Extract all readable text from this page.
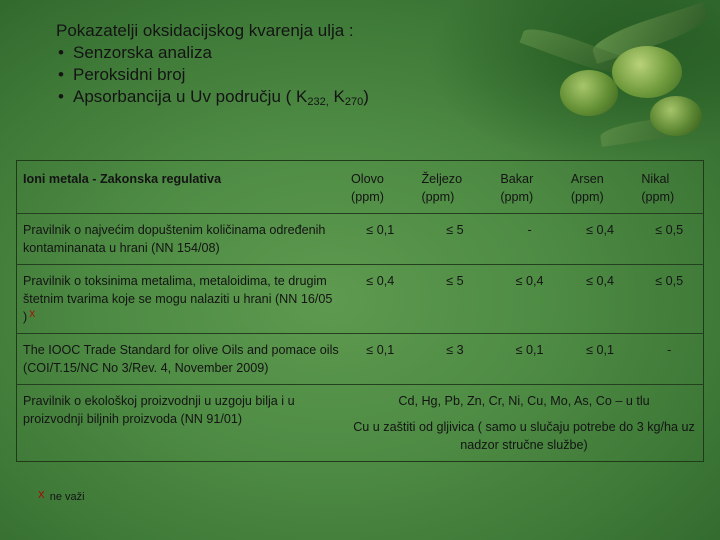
Pokazatelji oksidacijskog kvarenja ulja :
• Senzorska analiza
• Peroksidni broj
• Apsorbancija u Uv području ( $K_{232,}$ $K_{270}$)
Ioni metala - Zakonska regulativa	Olovo (ppm)	Željezo (ppm)	Bakar (ppm)	Arsen (ppm)	Nikal (ppm)
Pravilnik o najvećim dopuštenim količinama određenih kontaminanata u hrani (NN 154/08)	≤ 0,1	≤ 5	-	≤ 0,4	≤ 0,5
Pravilnik o toksinima metalima, metaloidima, te drugim štetnim tvarima koje se mogu nalaziti u hrani (NN 16/05 ) $^X$	≤ 0,4	≤ 5	≤ 0,4	≤ 0,4	≤ 0,5
The IOOC Trade Standard for olive Oils and pomace oils (COI/T.15/NC No 3/Rev. 4, November 2009)	≤ 0,1	≤ 3	≤ 0,1	≤ 0,1	-
Pravilnik o ekološkoj proizvodnji u uzgoju bilja i u proizvodnji biljnih proizvoda (NN 91/01)	Cd, Hg, Pb, Zn, Cr, Ni, Cu, Mo, As, Co – u tlu
Cu u zaštiti od gljivica ( samo u slučaju potrebe do 3 kg/ha uz nadzor stručne službe)				
X ne važi
